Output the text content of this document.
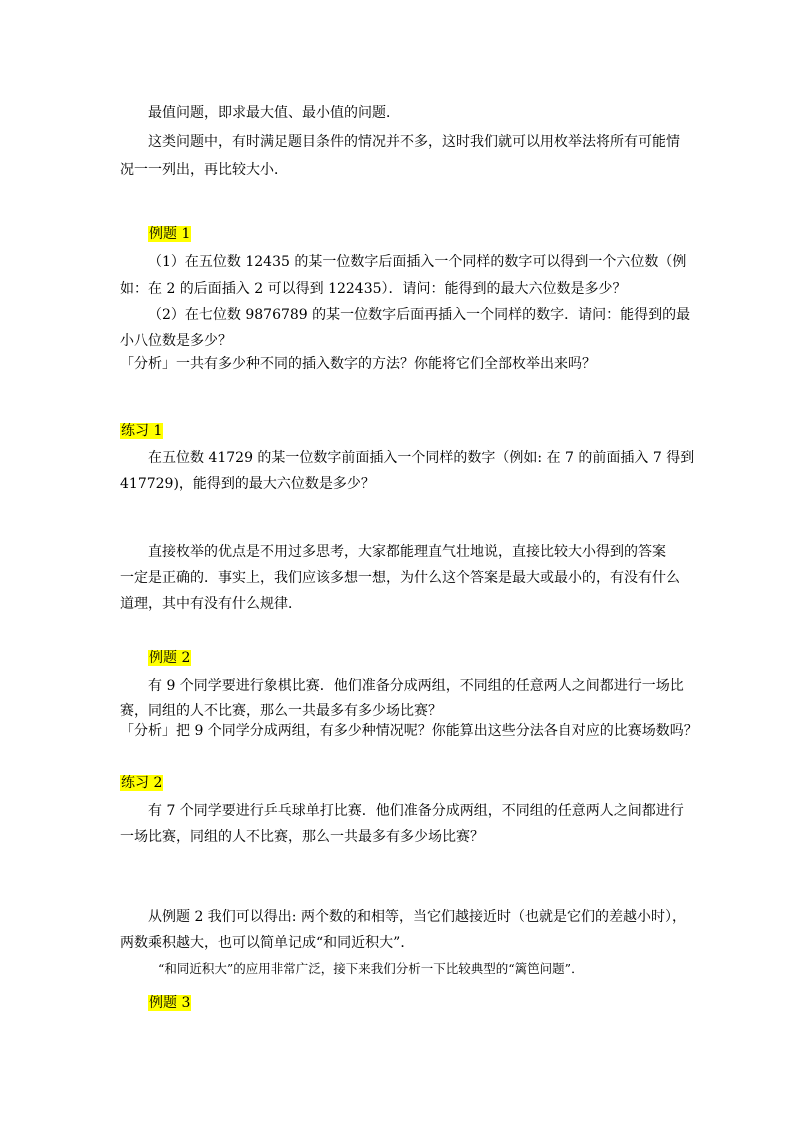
最值问题，即求最大值、最小值的问题．
这类问题中，有时满足题目条件的情况并不多，这时我们就可以用枚举法将所有可能情
况一一列出，再比较大小．
例题 1
（1）在五位数 12435 的某一位数字后面插入一个同样的数字可以得到一个六位数（例
如：在 2 的后面插入 2 可以得到 122435）．请问：能得到的最大六位数是多少？
（2）在七位数 9876789 的某一位数字后面再插入一个同样的数字．请问：能得到的最
小八位数是多少？
「分析」一共有多少种不同的插入数字的方法？你能将它们全部枚举出来吗？
练习 1
在五位数 41729 的某一位数字前面插入一个同样的数字（例如: 在 7 的前面插入 7 得到
417729)，能得到的最大六位数是多少？
直接枚举的优点是不用过多思考，大家都能理直气壮地说，直接比较大小得到的答案
一定是正确的．事实上，我们应该多想一想，为什么这个答案是最大或最小的，有没有什么
道理，其中有没有什么规律．
例题 2
有 9 个同学要进行象棋比赛．他们准备分成两组，不同组的任意两人之间都进行一场比
赛，同组的人不比赛，那么一共最多有多少场比赛？
「分析」把 9 个同学分成两组，有多少种情况呢？你能算出这些分法各自对应的比赛场数吗？
练习 2
有 7 个同学要进行乒乓球单打比赛．他们准备分成两组，不同组的任意两人之间都进行
一场比赛，同组的人不比赛，那么一共最多有多少场比赛？
从例题 2 我们可以得出: 两个数的和相等，当它们越接近时（也就是它们的差越小时），
两数乘积越大，也可以简单记成“和同近积大”．
“和同近积大”的应用非常广泛，接下来我们分析一下比较典型的“篱笆问题”．
例题 3
